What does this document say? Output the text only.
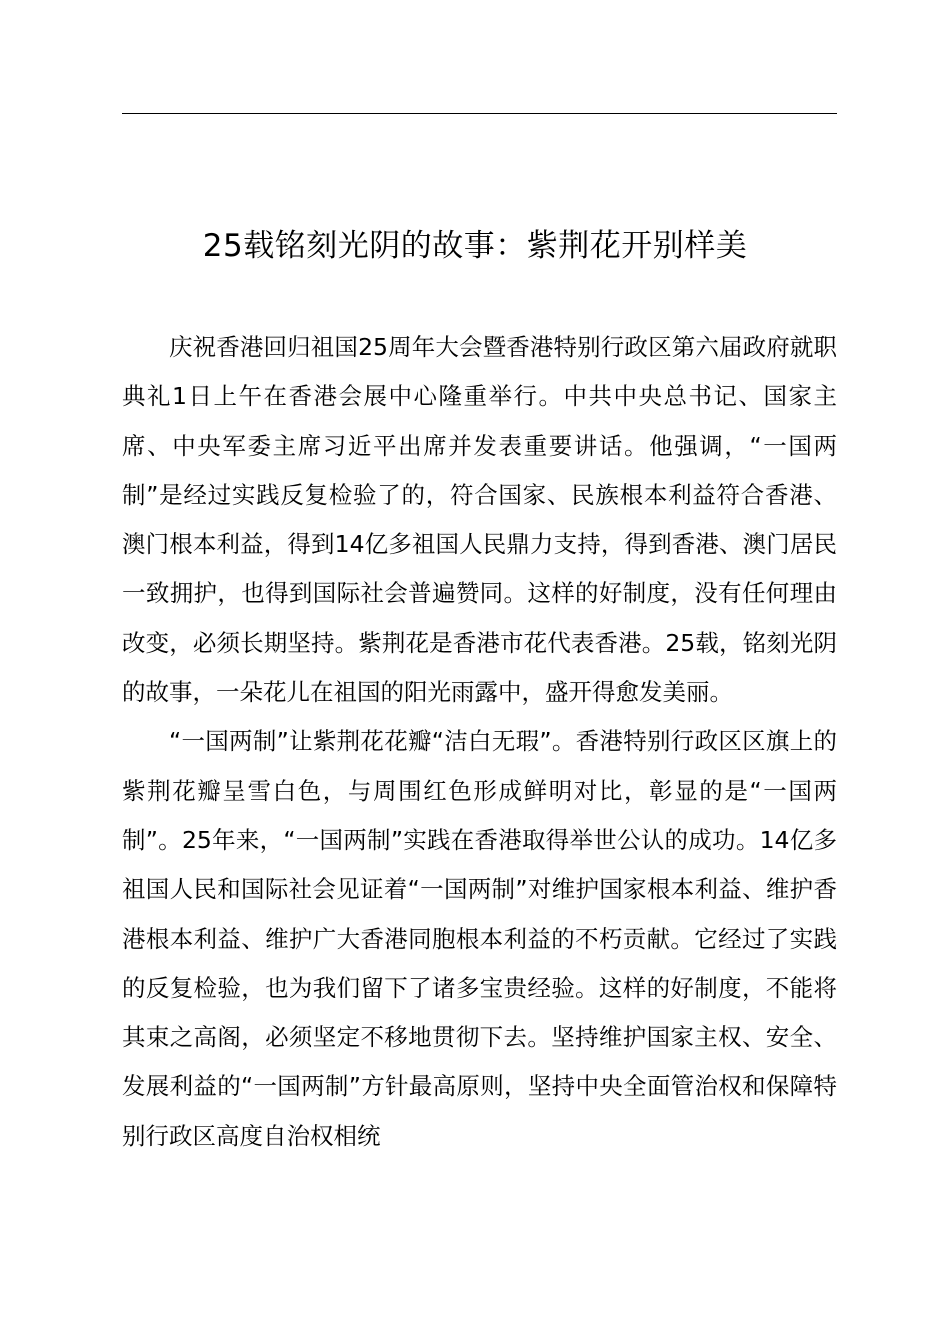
25载铭刻光阴的故事：紫荆花开别样美

庆祝香港回归祖国25周年大会暨香港特别行政区第六届政府就职典礼1日上午在香港会展中心隆重举行。中共中央总书记、国家主席、中央军委主席习近平出席并发表重要讲话。他强调，“一国两制”是经过实践反复检验了的，符合国家、民族根本利益符合香港、澳门根本利益，得到14亿多祖国人民鼎力支持，得到香港、澳门居民一致拥护，也得到国际社会普遍赞同。这样的好制度，没有任何理由改变，必须长期坚持。紫荆花是香港市花代表香港。25载，铭刻光阴的故事，一朵花儿在祖国的阳光雨露中，盛开得愈发美丽。

“一国两制”让紫荆花花瓣“洁白无瑕”。香港特别行政区区旗上的紫荆花瓣呈雪白色，与周围红色形成鲜明对比，彰显的是“一国两制”。25年来，“一国两制”实践在香港取得举世公认的成功。14亿多祖国人民和国际社会见证着“一国两制”对维护国家根本利益、维护香港根本利益、维护广大香港同胞根本利益的不朽贡献。它经过了实践的反复检验，也为我们留下了诸多宝贵经验。这样的好制度，不能将其束之高阁，必须坚定不移地贯彻下去。坚持维护国家主权、安全、发展利益的“一国两制”方针最高原则，坚持中央全面管治权和保障特别行政区高度自治权相统
